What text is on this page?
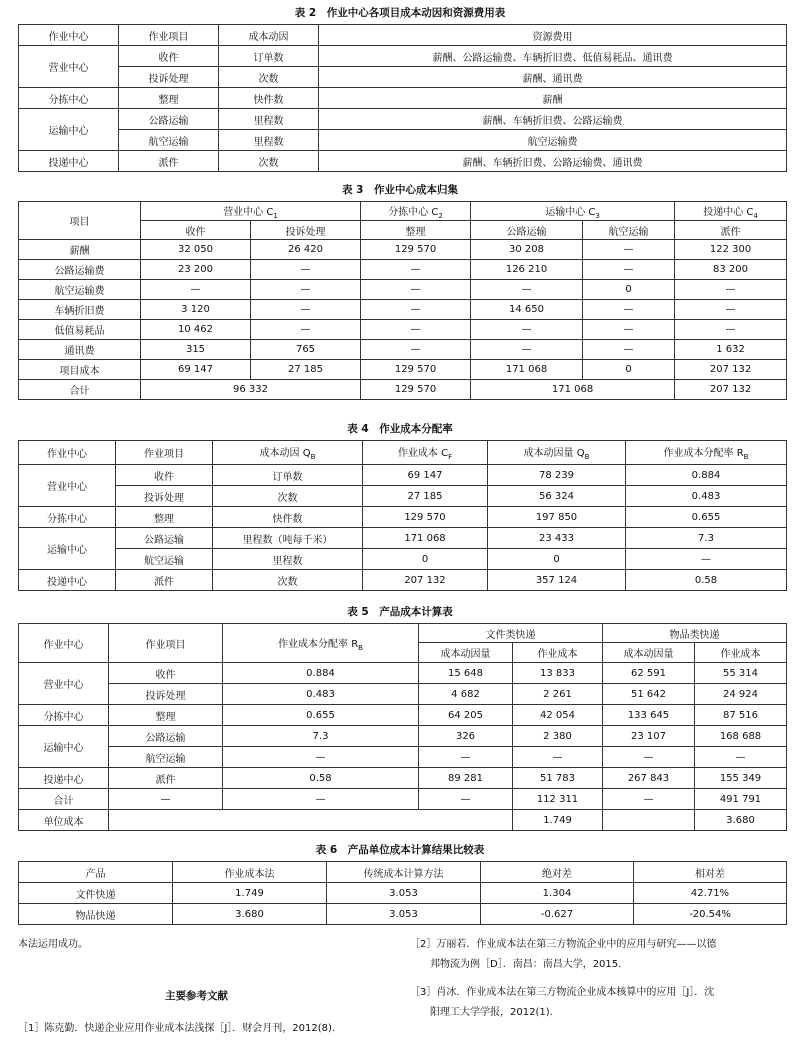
表 2　作业中心各项目成本动因和资源费用表
作业中心	作业项目	成本动因	资源费用
营业中心	收件	订单数	薪酬、公路运输费、车辆折旧费、低值易耗品、通讯费
	投诉处理	次数	薪酬、通讯费
分拣中心	整理	快件数	薪酬
运输中心	公路运输	里程数	薪酬、车辆折旧费、公路运输费
	航空运输	里程数	航空运输费
投递中心	派件	次数	薪酬、车辆折旧费、公路运输费、通讯费
表 3　作业中心成本归集
项目	营业中心 $C_1$		分拣中心 $C_2$	运输中心 $C_3$		投递中心 $C_4$
	收件	投诉处理	整理	公路运输	航空运输	派件
薪酬	32 050	26 420	129 570	30 208	—	122 300
公路运输费	23 200	—	—	126 210	—	83 200
航空运输费	—	—	—	—	0	—
车辆折旧费	3 120	—	—	14 650	—	—
低值易耗品	10 462	—	—	—	—	—
通讯费	315	765	—	—	—	1 632
项目成本	69 147	27 185	129 570	171 068	0	207 132
合计	96 332		129 570	171 068		207 132
表 4　作业成本分配率
作业中心	作业项目	成本动因 $Q_B$	作业成本 $C_F$	成本动因量 $Q_B$	作业成本分配率 $R_B$
营业中心	收件	订单数	69 147	78 239	0.884
	投诉处理	次数	27 185	56 324	0.483
分拣中心	整理	快件数	129 570	197 850	0.655
运输中心	公路运输	里程数（吨每千米）	171 068	23 433	7.3
	航空运输	里程数	0	0	—
投递中心	派件	次数	207 132	357 124	0.58
表 5　产品成本计算表
作业中心	作业项目	作业成本分配率 $R_B$	文件类快递		物品类快递	
			成本动因量	作业成本	成本动因量	作业成本
营业中心	收件	0.884	15 648	13 833	62 591	55 314
	投诉处理	0.483	4 682	2 261	51 642	24 924
分拣中心	整理	0.655	64 205	42 054	133 645	87 516
运输中心	公路运输	7.3	326	2 380	23 107	168 688
	航空运输	—	—	—	—	—
投递中心	派件	0.58	89 281	51 783	267 843	155 349
合计	—	—	—	112 311	—	491 791
单位成本				1.749		3.680
表 6　产品单位成本计算结果比较表
产品	作业成本法	传统成本计算方法	绝对差	相对差
文件快递	1.749	3.053	1.304	42.71%
物品快递	3.680	3.053	-0.627	-20.54%
本法运用成功。
主要参考文献
［1］陈克勤．快递企业应用作业成本法浅探［J］．财会月刊，2012(8).
［2］万丽若．作业成本法在第三方物流企业中的应用与研究——以德
邦物流为例［D］．南昌：南昌大学，2015.
［3］肖冰．作业成本法在第三方物流企业成本核算中的应用［J］．沈
阳理工大学学报，2012(1).
